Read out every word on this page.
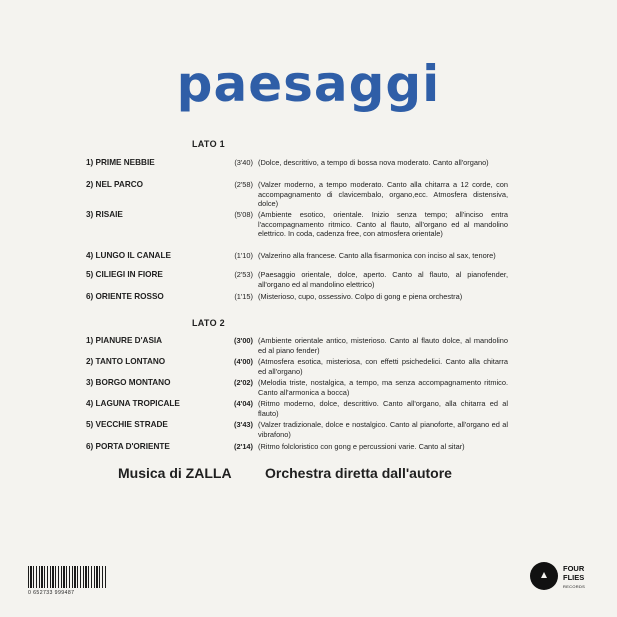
paesaggi
LATO 1
1) PRIME NEBBIE	(3'40) (Dolce, descrittivo, a tempo di bossa nova moderato. Canto all'organo)
2) NEL PARCO	(2'58) (Valzer moderno, a tempo moderato. Canto alla chitarra a 12 corde, con accompagnamento di clavicembalo, organo,ecc. Atmosfera distensiva, dolce)
3) RISAIE	(5'08) (Ambiente esotico, orientale. Inizio senza tempo; all'inciso entra l'accompagnamento ritmico. Canto al flauto, all'organo ed al mandolino elettrico. In coda, cadenza free, con atmosfera orientale)
4) LUNGO IL CANALE	(1'10) (Valzerino alla francese. Canto alla fisarmonica con inciso al sax, tenore)
5) CILIEGI IN FIORE	(2'53) (Paesaggio orientale, dolce, aperto. Canto al flauto, al pianofender, all'organo ed al mandolino elettrico)
6) ORIENTE ROSSO	(1'15) (Misterioso, cupo, ossessivo. Colpo di gong e piena orchestra)
LATO 2
1) PIANURE D'ASIA	(3'00) (Ambiente orientale antico, misterioso. Canto al flauto dolce, al mandolino ed al piano fender)
2) TANTO LONTANO	(4'00) (Atmosfera esotica, misteriosa, con effetti psichedelici. Canto alla chitarra ed all'organo)
3) BORGO MONTANO	(2'02) (Melodia triste, nostalgica, a tempo, ma senza accompagnamento ritmico. Canto all'armonica a bocca)
4) LAGUNA TROPICALE	(4'04) (Ritmo moderno, dolce, descrittivo. Canto all'organo, alla chitarra ed al flauto)
5) VECCHIE STRADE	(3'43) (Valzer tradizionale, dolce e nostalgico. Canto al pianoforte, all'organo ed al vibrafono)
6) PORTA D'ORIENTE	(2'14) (Ritmo folcloristico con gong e percussioni varie. Canto al sitar)
Musica di ZALLA Orchestra diretta dall'autore
0 652733 999487
FOUR
FLIES
RECORDS
